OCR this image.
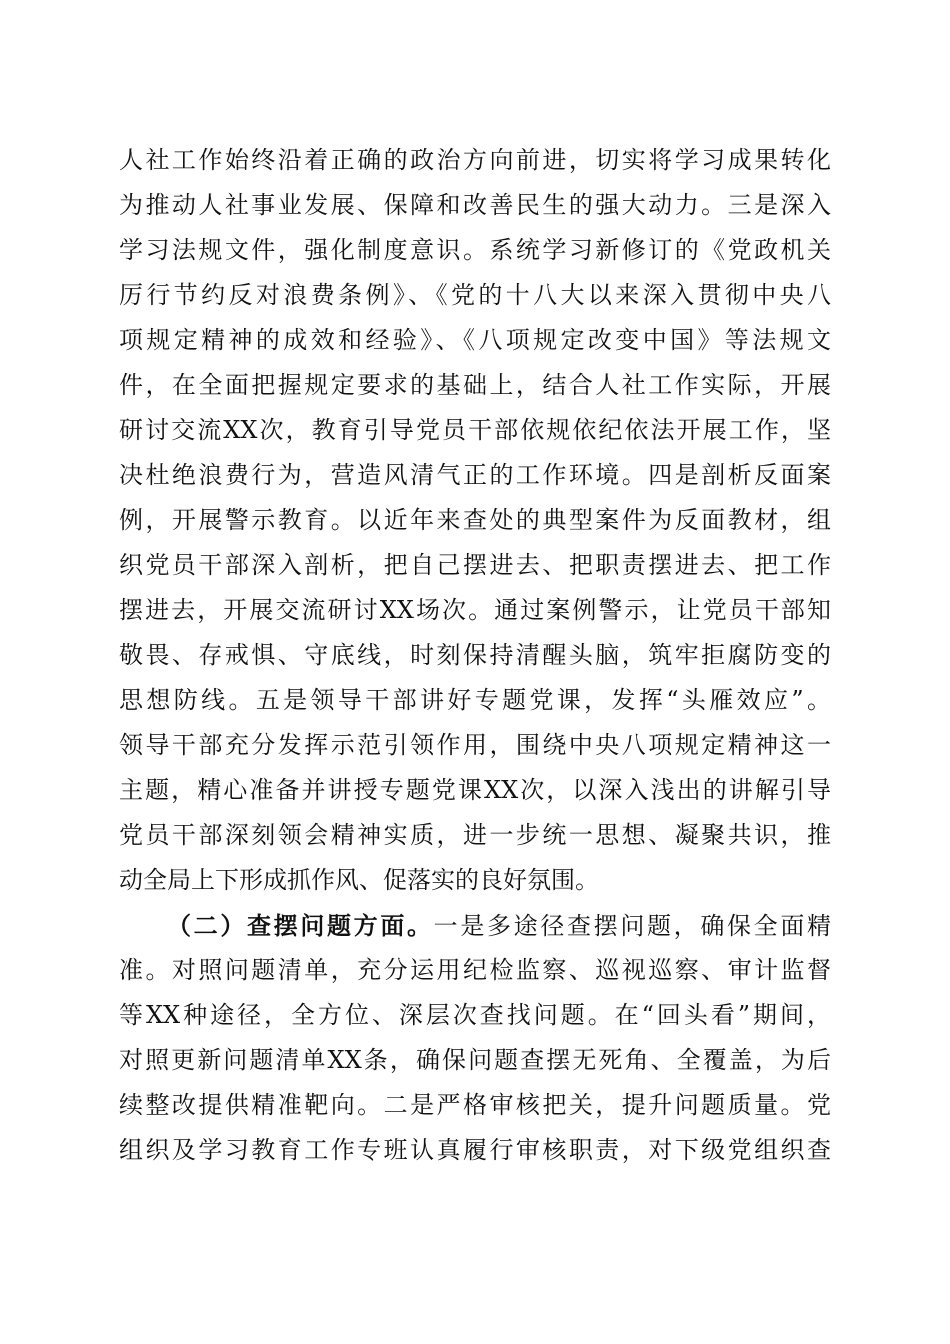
人社工作始终沿着正确的政治方向前进，切实将学习成果转化
为推动人社事业发展、保障和改善民生的强大动力。三是深入
学习法规文件，强化制度意识。系统学习新修订的《党政机关
厉行节约反对浪费条例》、《党的十八大以来深入贯彻中央八
项规定精神的成效和经验》、《八项规定改变中国》等法规文
件，在全面把握规定要求的基础上，结合人社工作实际，开展
研讨交流XX次，教育引导党员干部依规依纪依法开展工作，坚
决杜绝浪费行为，营造风清气正的工作环境。四是剖析反面案
例，开展警示教育。以近年来查处的典型案件为反面教材，组
织党员干部深入剖析，把自己摆进去、把职责摆进去、把工作
摆进去，开展交流研讨XX场次。通过案例警示，让党员干部知
敬畏、存戒惧、守底线，时刻保持清醒头脑，筑牢拒腐防变的
思想防线。五是领导干部讲好专题党课，发挥“头雁效应”。
领导干部充分发挥示范引领作用，围绕中央八项规定精神这一
主题，精心准备并讲授专题党课XX次，以深入浅出的讲解引导
党员干部深刻领会精神实质，进一步统一思想、凝聚共识，推
动全局上下形成抓作风、促落实的良好氛围。
（二）查摆问题方面。一是多途径查摆问题，确保全面精
准。对照问题清单，充分运用纪检监察、巡视巡察、审计监督
等XX种途径，全方位、深层次查找问题。在“回头看”期间，
对照更新问题清单XX条，确保问题查摆无死角、全覆盖，为后
续整改提供精准靶向。二是严格审核把关，提升问题质量。党
组织及学习教育工作专班认真履行审核职责，对下级党组织查
